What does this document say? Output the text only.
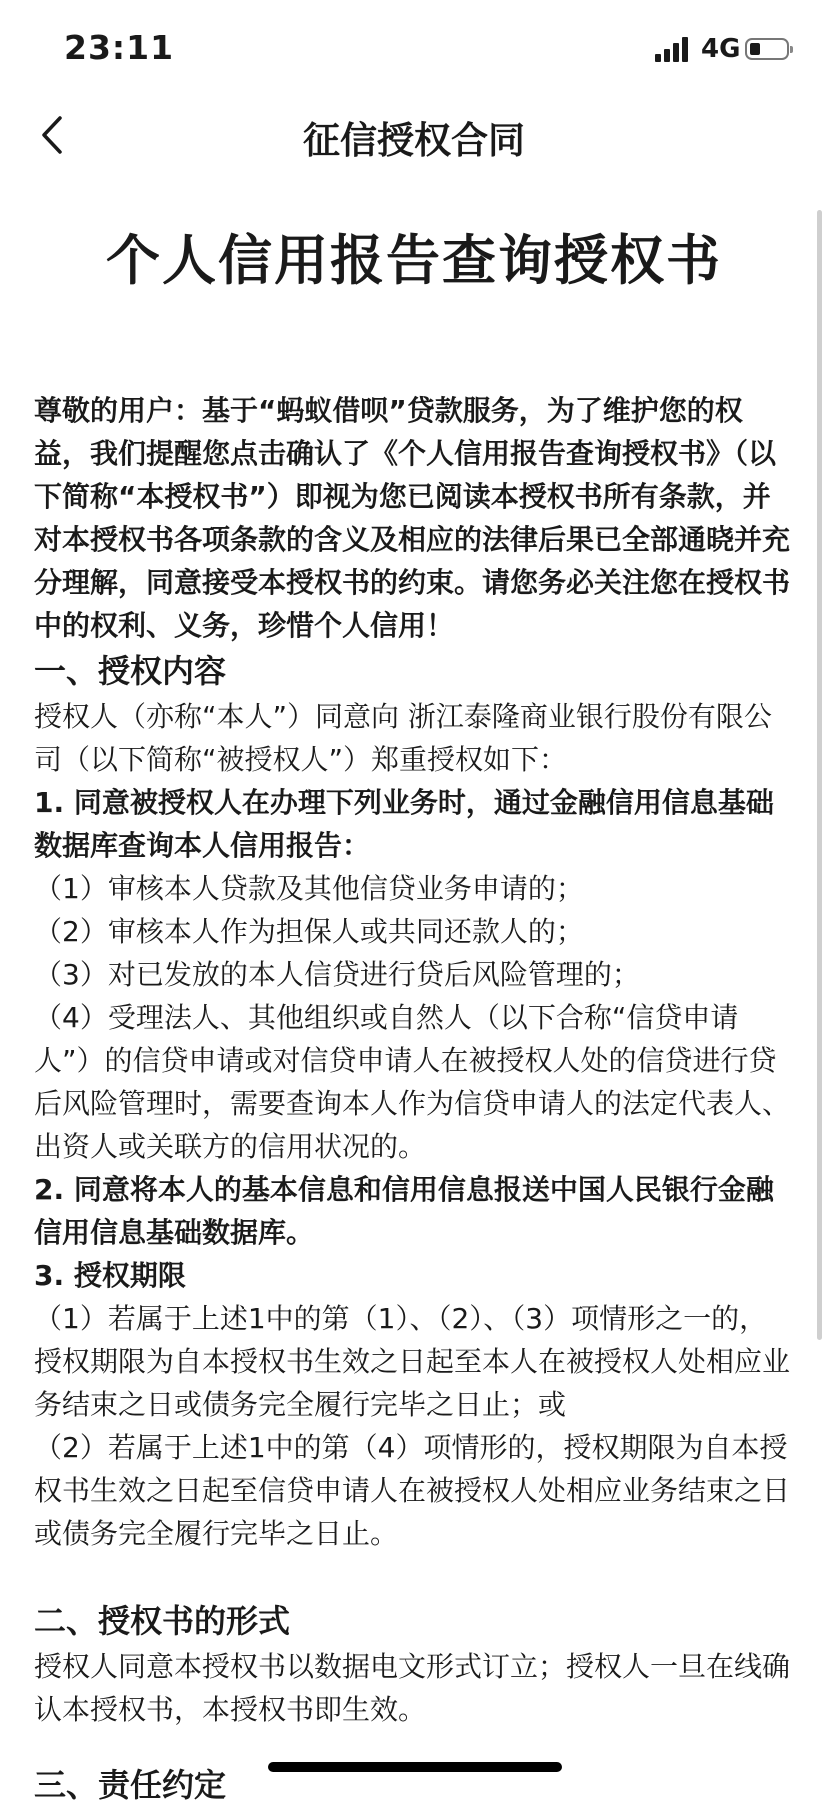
23:11	4G
征信授权合同
个人信用报告查询授权书

尊敬的用户：基于“蚂蚁借呗”贷款服务，为了维护您的权益，我们提醒您点击确认了《个人信用报告查询授权书》（以下简称“本授权书”）即视为您已阅读本授权书所有条款，并对本授权书各项条款的含义及相应的法律后果已全部通晓并充分理解，同意接受本授权书的约束。请您务必关注您在授权书中的权利、义务，珍惜个人信用！

一、授权内容

授权人（亦称“本人”）同意向 浙江泰隆商业银行股份有限公司（以下简称“被授权人”）郑重授权如下：

1. 同意被授权人在办理下列业务时，通过金融信用信息基础数据库查询本人信用报告：

（1）审核本人贷款及其他信贷业务申请的；

（2）审核本人作为担保人或共同还款人的；

（3）对已发放的本人信贷进行贷后风险管理的；

（4）受理法人、其他组织或自然人（以下合称“信贷申请人”）的信贷申请或对信贷申请人在被授权人处的信贷进行贷后风险管理时，需要查询本人作为信贷申请人的法定代表人、出资人或关联方的信用状况的。

2. 同意将本人的基本信息和信用信息报送中国人民银行金融信用信息基础数据库。

3. 授权期限

（1）若属于上述1中的第（1）、（2）、（3）项情形之一的，授权期限为自本授权书生效之日起至本人在被授权人处相应业务结束之日或债务完全履行完毕之日止；或

（2）若属于上述1中的第（4）项情形的，授权期限为自本授权书生效之日起至信贷申请人在被授权人处相应业务结束之日或债务完全履行完毕之日止。

二、授权书的形式

授权人同意本授权书以数据电文形式订立；授权人一旦在线确认本授权书，本授权书即生效。

三、责任约定
